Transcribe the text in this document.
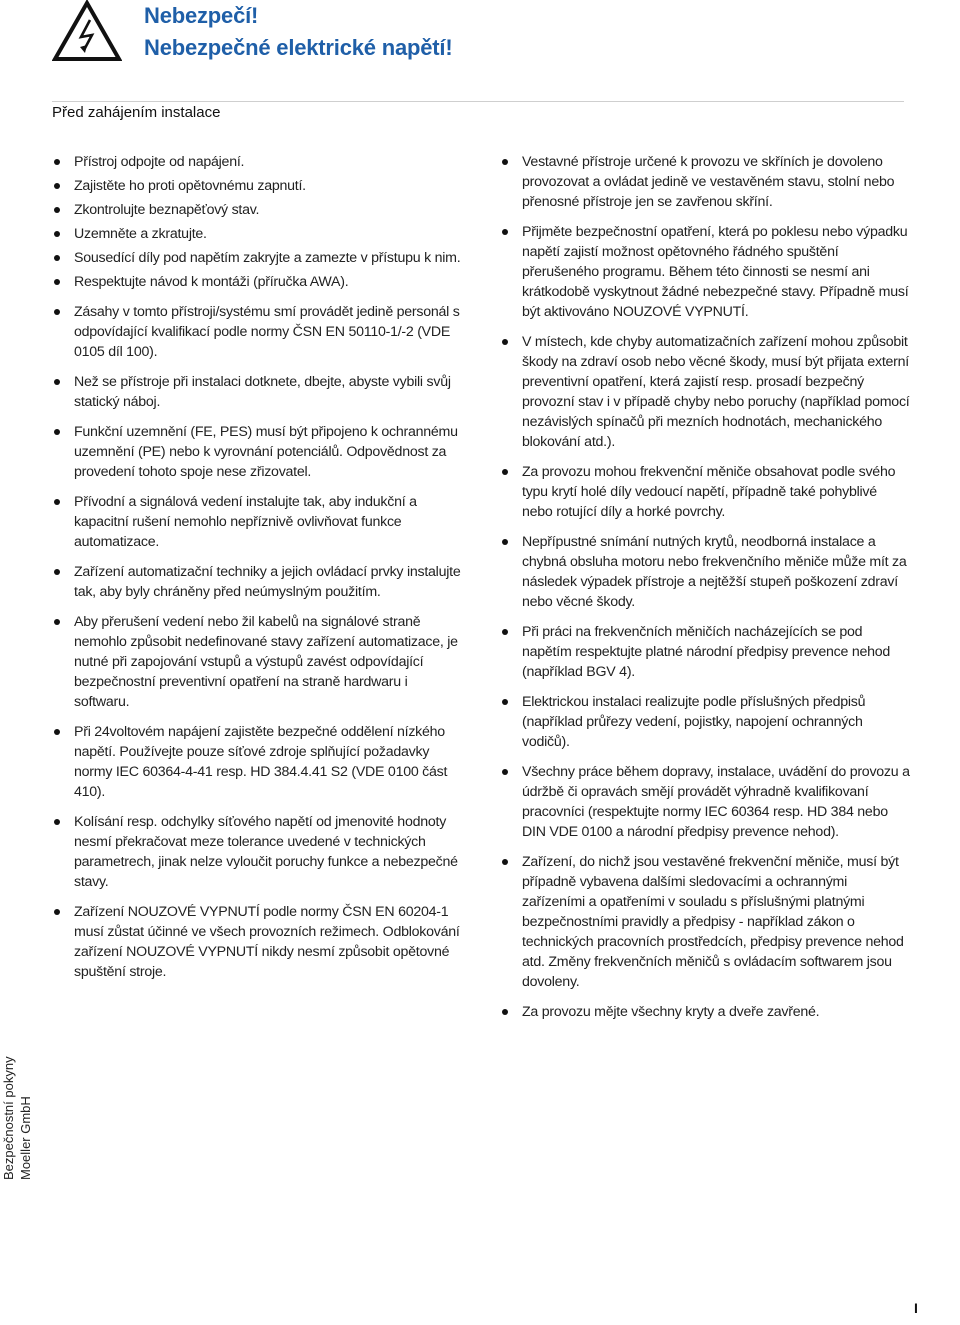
Nebezpečí!
Nebezpečné elektrické napětí!
Před zahájením instalace
Přístroj odpojte od napájení.
Zajistěte ho proti opětovnému zapnutí.
Zkontrolujte beznapěťový stav.
Uzemněte a zkratujte.
Sousedící díly pod napětím zakryjte a zamezte v přístupu k nim.
Respektujte návod k montáži (příručka AWA).
Zásahy v tomto přístroji/systému smí provádět jedině personál s odpovídající kvalifikací podle normy ČSN EN 50110-1/-2 (VDE 0105 díl 100).
Než se přístroje při instalaci dotknete, dbejte, abyste vybili svůj statický náboj.
Funkční uzemnění (FE, PES) musí být připojeno k ochrannému uzemnění (PE) nebo k vyrovnání potenciálů. Odpovědnost za provedení tohoto spoje nese zřizovatel.
Přívodní a signálová vedení instalujte tak, aby indukční a kapacitní rušení nemohlo nepříznivě ovlivňovat funkce automatizace.
Zařízení automatizační techniky a jejich ovládací prvky instalujte tak, aby byly chráněny před neúmyslným použitím.
Aby přerušení vedení nebo žil kabelů na signálové straně nemohlo způsobit nedefinované stavy zařízení automatizace, je nutné při zapojování vstupů a výstupů zavést odpovídající bezpečnostní preventivní opatření na straně hardwaru i softwaru.
Při 24voltovém napájení zajistěte bezpečné oddělení nízkého napětí. Používejte pouze síťové zdroje splňující požadavky normy IEC 60364-4-41 resp. HD 384.4.41 S2 (VDE 0100 část 410).
Kolísání resp. odchylky síťového napětí od jmenovité hodnoty nesmí překračovat meze tolerance uvedené v technických parametrech, jinak nelze vyloučit poruchy funkce a nebezpečné stavy.
Zařízení NOUZOVÉ VYPNUTÍ podle normy ČSN EN 60204-1 musí zůstat účinné ve všech provozních režimech. Odblokování zařízení NOUZOVÉ VYPNUTÍ nikdy nesmí způsobit opětovné spuštění stroje.
Vestavné přístroje určené k provozu ve skříních je dovoleno provozovat a ovládat jedině ve vestavěném stavu, stolní nebo přenosné přístroje jen se zavřenou skříní.
Přijměte bezpečnostní opatření, která po poklesu nebo výpadku napětí zajistí možnost opětovného řádného spuštění přerušeného programu. Během této činnosti se nesmí ani krátkodobě vyskytnout žádné nebezpečné stavy. Případně musí být aktivováno NOUZOVÉ VYPNUTÍ.
V místech, kde chyby automatizačních zařízení mohou způsobit škody na zdraví osob nebo věcné škody, musí být přijata externí preventivní opatření, která zajistí resp. prosadí bezpečný provozní stav i v případě chyby nebo poruchy (například pomocí nezávislých spínačů při mezních hodnotách, mechanického blokování atd.).
Za provozu mohou frekvenční měniče obsahovat podle svého typu krytí holé díly vedoucí napětí, případně také pohyblivé nebo rotující díly a horké povrchy.
Nepřípustné snímání nutných krytů, neodborná instalace a chybná obsluha motoru nebo frekvenčního měniče může mít za následek výpadek přístroje a nejtěžší stupeň poškození zdraví nebo věcné škody.
Při práci na frekvenčních měničích nacházejících se pod napětím respektujte platné národní předpisy prevence nehod (například BGV 4).
Elektrickou instalaci realizujte podle příslušných předpisů (například průřezy vedení, pojistky, napojení ochranných vodičů).
Všechny práce během dopravy, instalace, uvádění do provozu a údržbě či opravách smějí provádět výhradně kvalifikovaní pracovníci (respektujte normy IEC 60364 resp. HD 384 nebo DIN VDE 0100 a národní předpisy prevence nehod).
Zařízení, do nichž jsou vestavěné frekvenční měniče, musí být případně vybavena dalšími sledovacími a ochrannými zařízeními a opatřeními v souladu s příslušnými platnými bezpečnostními pravidly a předpisy - například zákon o technických pracovních prostředcích, předpisy prevence nehod atd. Změny frekvenčních měničů s ovládacím softwarem jsou dovoleny.
Za provozu mějte všechny kryty a dveře zavřené.
Bezpečnostní pokyny Moeller GmbH
I
